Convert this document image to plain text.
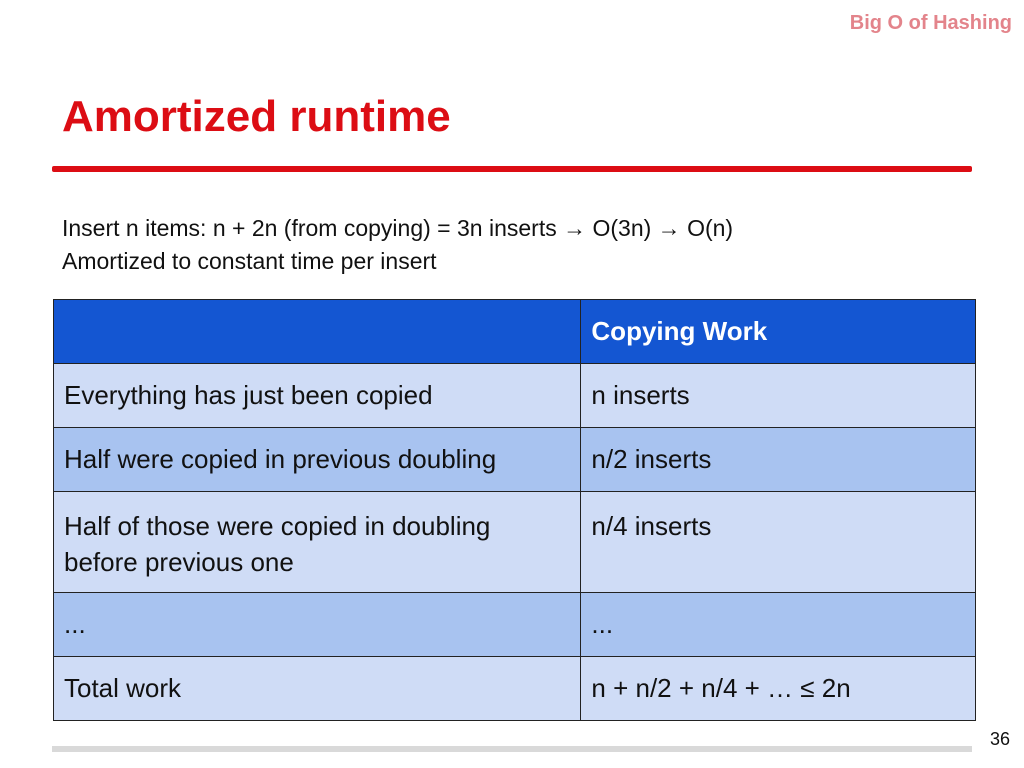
Big O of Hashing

Amortized runtime

Insert n items: n + 2n (from copying) = 3n inserts → O(3n) → O(n)

Amortized to constant time per insert

	Copying Work
Everything has just been copied	n inserts
Half were copied in previous doubling	n/2 inserts
Half of those were copied in doubling before previous one	n/4 inserts
...	...
Total work	n + n/2 + n/4 + … ≤ 2n

36
